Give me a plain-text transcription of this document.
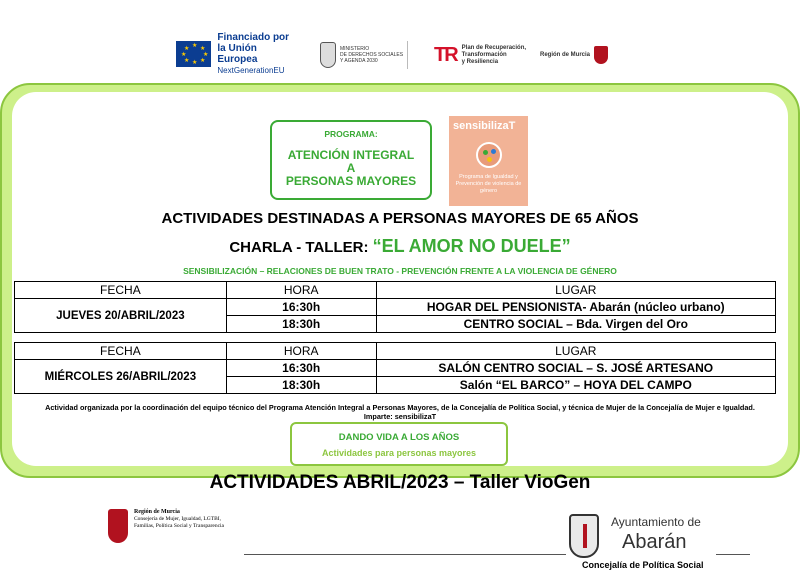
★ ★
★
★
★
★
★
★
Financiado por
la Unión Europea
NextGenerationEU
MINISTERIO
DE DERECHOS SOCIALES
Y AGENDA 2030	TR Plan de Recuperación,
Transformación
y Resiliencia
Región de Murcia
PROGRAMA:
ATENCIÓN INTEGRAL
A
PERSONAS MAYORES
sensibilizaT
Programa de Igualdad y Prevención de violencia de género
ACTIVIDADES DESTINADAS A PERSONAS MAYORES DE 65 AÑOS
CHARLA - TALLER: “EL AMOR NO DUELE”
SENSIBILIZACIÓN – RELACIONES DE BUEN TRATO - PREVENCIÓN FRENTE A LA VIOLENCIA DE GÉNERO
FECHA	HORA	LUGAR
JUEVES 20/ABRIL/2023	16:30h	HOGAR DEL PENSIONISTA- Abarán (núcleo urbano)
	18:30h	CENTRO SOCIAL – Bda. Virgen del Oro
FECHA	HORA	LUGAR
MIÉRCOLES 26/ABRIL/2023	16:30h	SALÓN CENTRO SOCIAL – S. JOSÉ ARTESANO
	18:30h	Salón “EL BARCO” – HOYA DEL CAMPO
Actividad organizada por la coordinación del equipo técnico del Programa Atención Integral a Personas Mayores, de la Concejalía de Política Social, y técnica de Mujer de la Concejalía de Mujer e Igualdad.
Imparte: sensibilizaT
DANDO VIDA A LOS AÑOS
Actividades para personas mayores
ACTIVIDADES ABRIL/2023 – Taller VioGen
Región de Murcia
Consejería de Mujer, Igualdad, LGTBI,
Familias, Política Social y Transparencia	Ayuntamiento de
Abarán
Concejalía de Política Social
